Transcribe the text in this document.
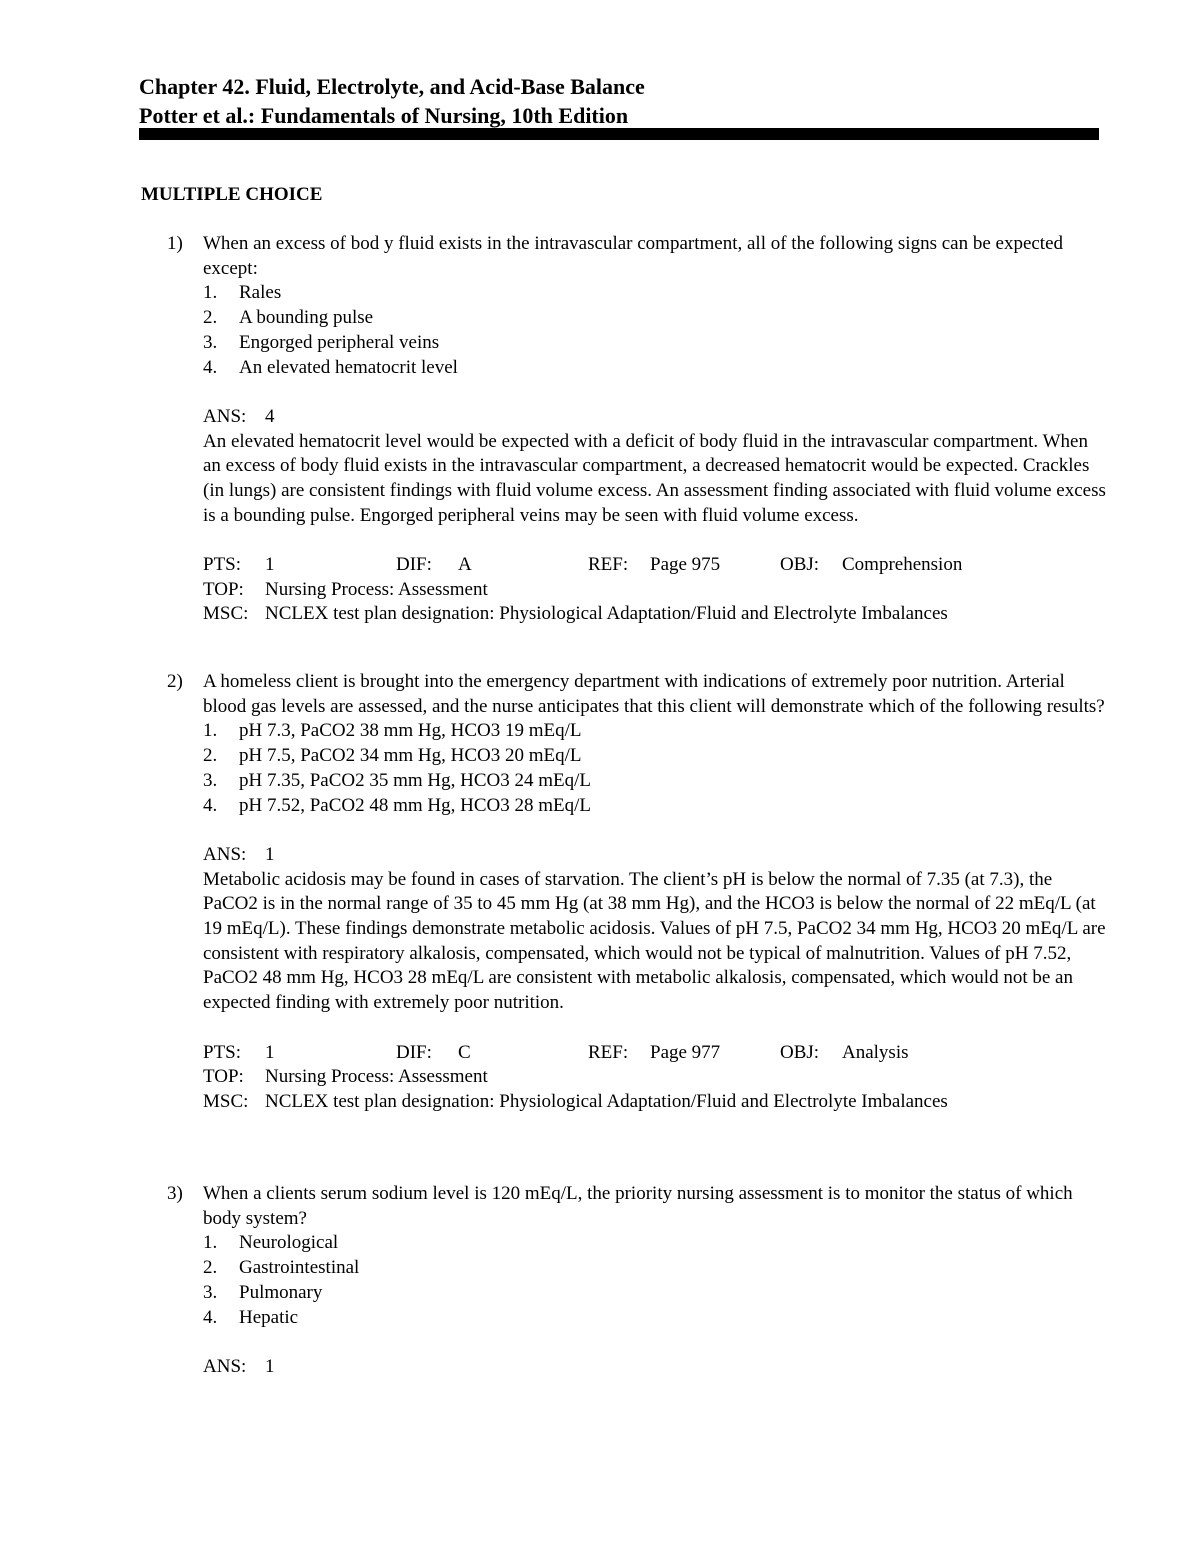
Chapter 42. Fluid, Electrolyte, and Acid-Base Balance
Potter et al.: Fundamentals of Nursing, 10th Edition
MULTIPLE CHOICE
1)	When an excess of bod y fluid exists in the intravascular compartment, all of the following signs can be expected except:
1. Rales
2. A bounding pulse
3. Engorged peripheral veins
4. An elevated hematocrit level
ANS: 4
An elevated hematocrit level would be expected with a deficit of body fluid in the intravascular compartment. When an excess of body fluid exists in the intravascular compartment, a decreased hematocrit would be expected. Crackles (in lungs) are consistent findings with fluid volume excess. An assessment finding associated with fluid volume excess is a bounding pulse. Engorged peripheral veins may be seen with fluid volume excess.
PTS: 1	DIF: A	REF: Page 975	OBJ: Comprehension
TOP: Nursing Process: Assessment
MSC: NCLEX test plan designation: Physiological Adaptation/Fluid and Electrolyte Imbalances
2)	A homeless client is brought into the emergency department with indications of extremely poor nutrition. Arterial blood gas levels are assessed, and the nurse anticipates that this client will demonstrate which of the following results?
1. pH 7.3, PaCO2 38 mm Hg, HCO3 19 mEq/L
2. pH 7.5, PaCO2 34 mm Hg, HCO3 20 mEq/L
3. pH 7.35, PaCO2 35 mm Hg, HCO3 24 mEq/L
4. pH 7.52, PaCO2 48 mm Hg, HCO3 28 mEq/L
ANS: 1
Metabolic acidosis may be found in cases of starvation. The client’s pH is below the normal of 7.35 (at 7.3), the PaCO2 is in the normal range of 35 to 45 mm Hg (at 38 mm Hg), and the HCO3 is below the normal of 22 mEq/L (at 19 mEq/L). These findings demonstrate metabolic acidosis. Values of pH 7.5, PaCO2 34 mm Hg, HCO3 20 mEq/L are consistent with respiratory alkalosis, compensated, which would not be typical of malnutrition. Values of pH 7.52, PaCO2 48 mm Hg, HCO3 28 mEq/L are consistent with metabolic alkalosis, compensated, which would not be an expected finding with extremely poor nutrition.
PTS: 1	DIF: C	REF: Page 977	OBJ: Analysis
TOP: Nursing Process: Assessment
MSC: NCLEX test plan designation: Physiological Adaptation/Fluid and Electrolyte Imbalances
3)	When a clients serum sodium level is 120 mEq/L, the priority nursing assessment is to monitor the status of which body system?
1. Neurological
2. Gastrointestinal
3. Pulmonary
4. Hepatic
ANS: 1
